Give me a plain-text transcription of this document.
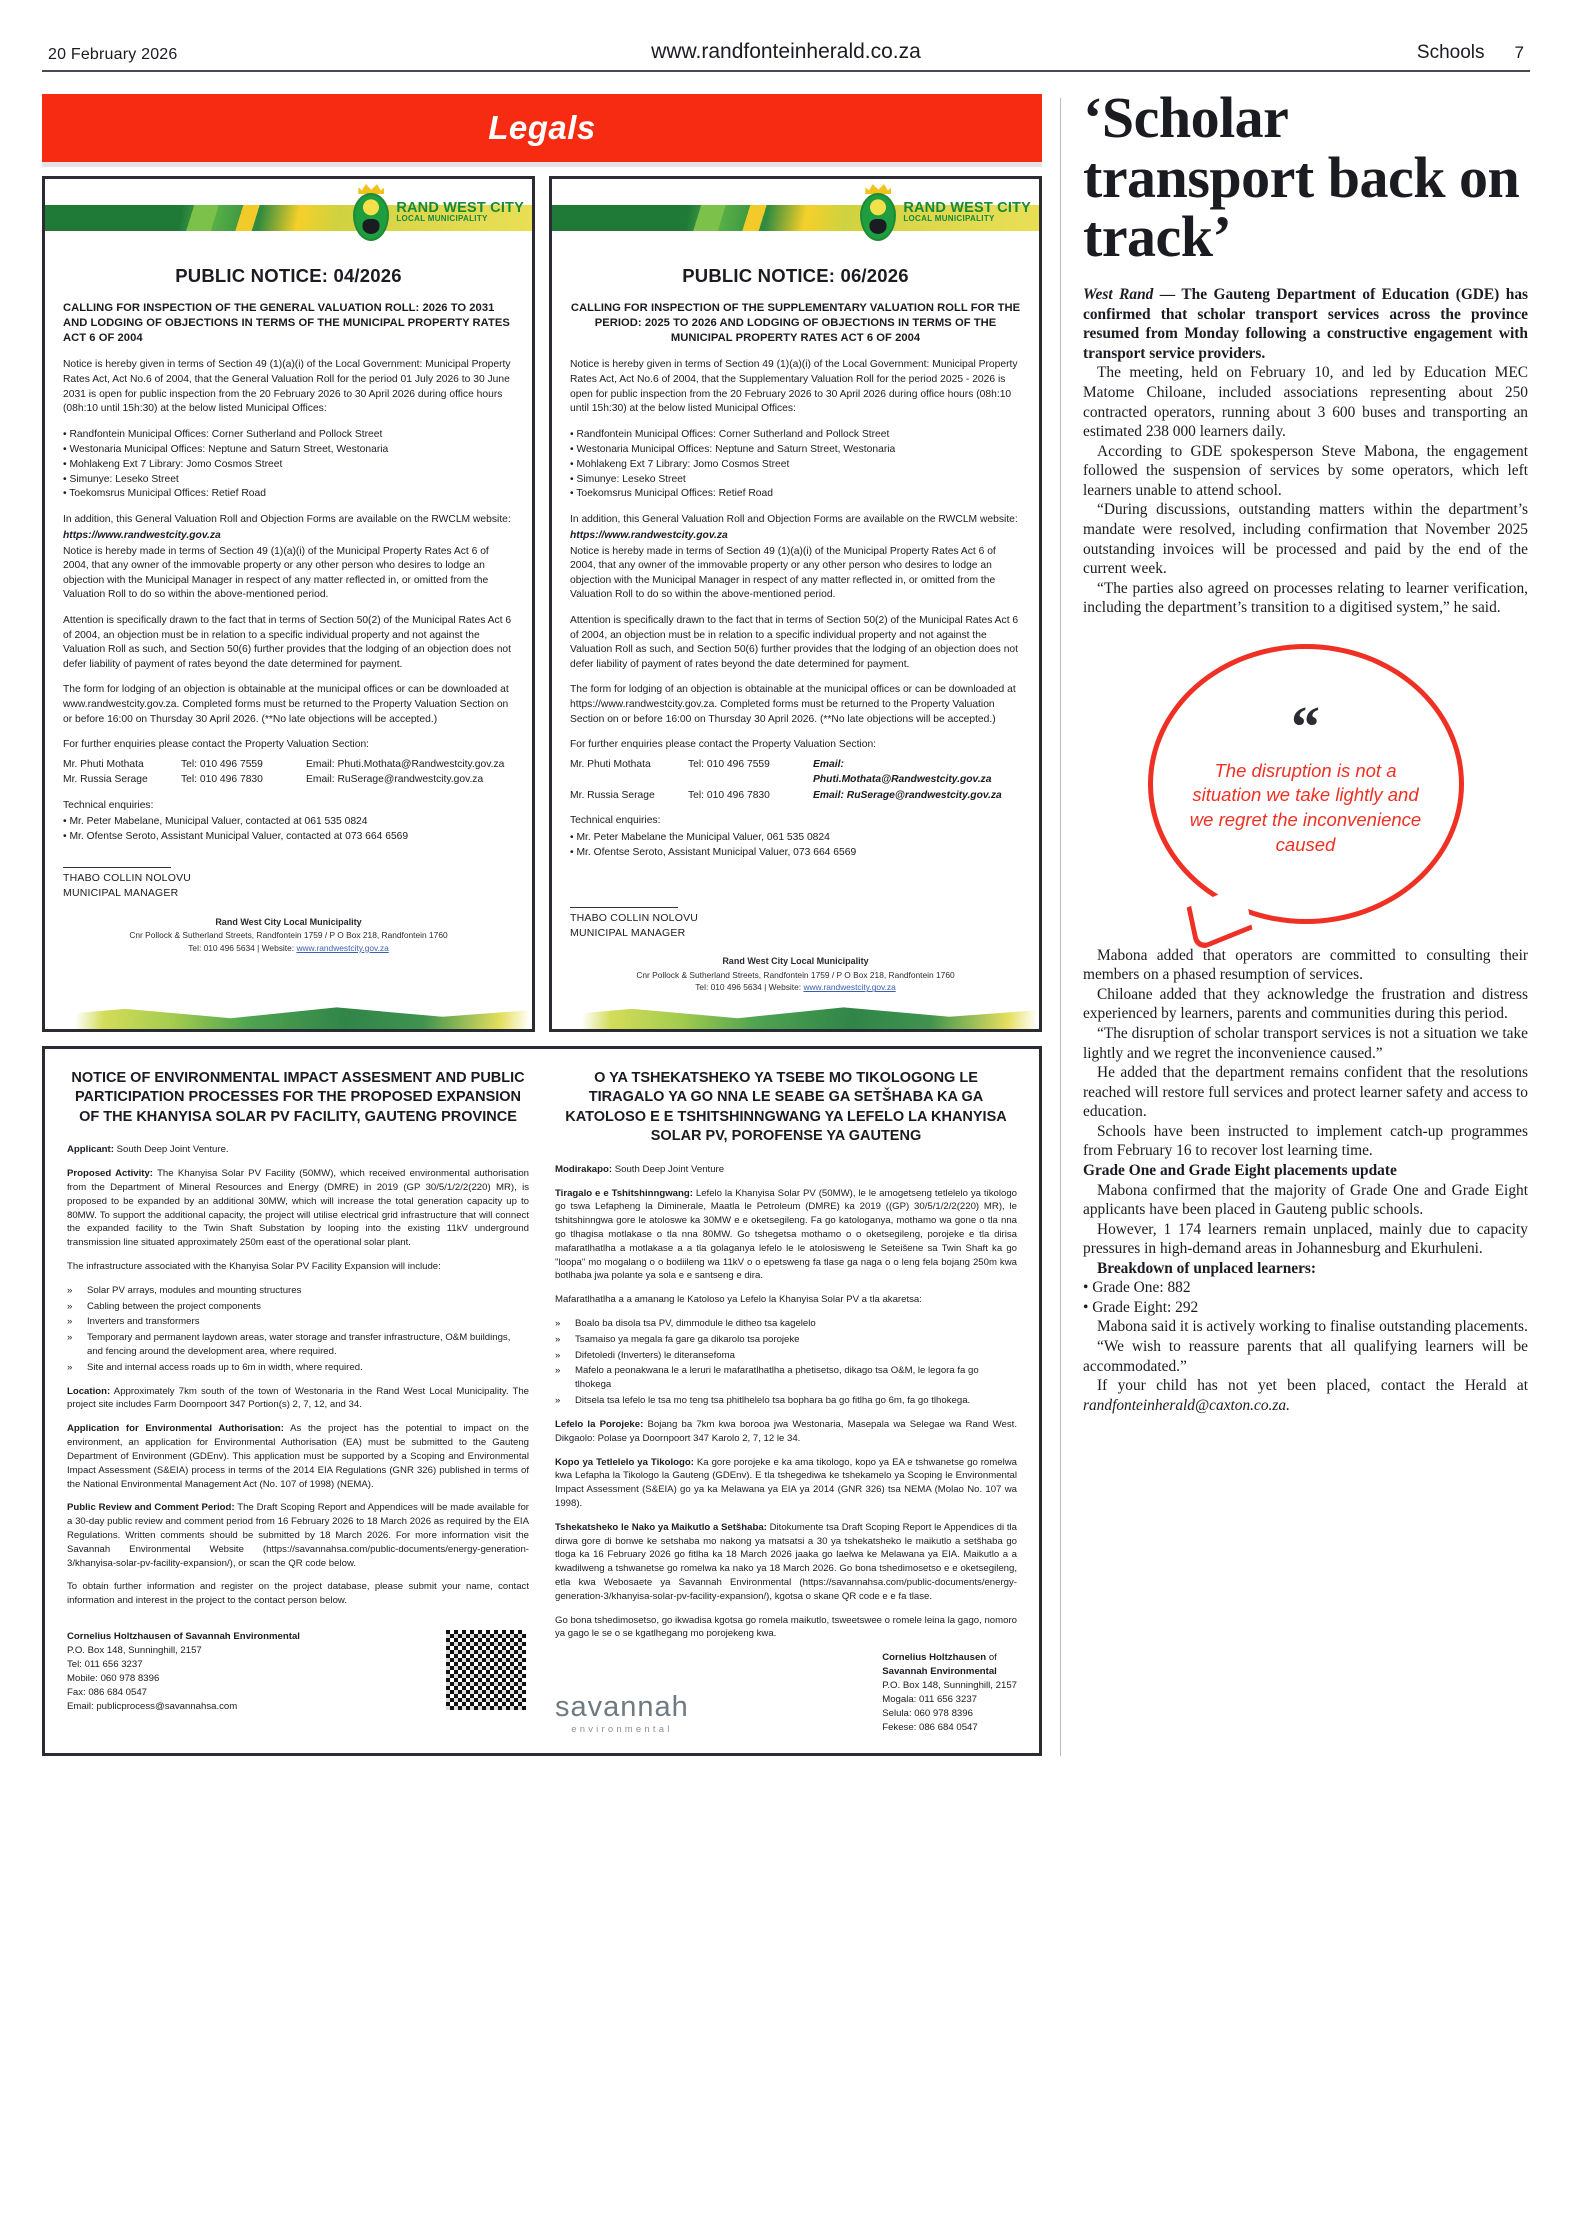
20 February 2026	www.randfonteinherald.co.za	Schools 7
Legals
RAND WEST CITY
LOCAL MUNICIPALITY
PUBLIC NOTICE: 04/2026
CALLING FOR INSPECTION OF THE GENERAL VALUATION ROLL: 2026 TO 2031 AND LODGING OF OBJECTIONS IN TERMS OF THE MUNICIPAL PROPERTY RATES ACT 6 OF 2004
Notice is hereby given in terms of Section 49 (1)(a)(i) of the Local Government: Municipal Property Rates Act, Act No.6 of 2004, that the General Valuation Roll for the period 01 July 2026 to 30 June 2031 is open for public inspection from the 20 February 2026 to 30 April 2026 during office hours (08h:10 until 15h:30) at the below listed Municipal Offices:
• Randfontein Municipal Offices: Corner Sutherland and Pollock Street
• Westonaria Municipal Offices: Neptune and Saturn Street, Westonaria
• Mohlakeng Ext 7 Library: Jomo Cosmos Street
• Simunye: Leseko Street
• Toekomsrus Municipal Offices: Retief Road
In addition, this General Valuation Roll and Objection Forms are available on the RWCLM website:
https://www.randwestcity.gov.za
Notice is hereby made in terms of Section 49 (1)(a)(i) of the Municipal Property Rates Act 6 of 2004, that any owner of the immovable property or any other person who desires to lodge an objection with the Municipal Manager in respect of any matter reflected in, or omitted from the Valuation Roll to do so within the above-mentioned period.
Attention is specifically drawn to the fact that in terms of Section 50(2) of the Municipal Rates Act 6 of 2004, an objection must be in relation to a specific individual property and not against the Valuation Roll as such, and Section 50(6) further provides that the lodging of an objection does not defer liability of payment of rates beyond the date determined for payment.
The form for lodging of an objection is obtainable at the municipal offices or can be downloaded at www.randwestcity.gov.za. Completed forms must be returned to the Property Valuation Section on or before 16:00 on Thursday 30 April 2026. (**No late objections will be accepted.)
For further enquiries please contact the Property Valuation Section:
Mr. Phuti Mothata	Tel: 010 496 7559	Email: Phuti.Mothata@Randwestcity.gov.za
Mr. Russia Serage	Tel: 010 496 7830	Email: RuSerage@randwestcity.gov.za
Technical enquiries:
• Mr. Peter Mabelane, Municipal Valuer, contacted at 061 535 0824
• Mr. Ofentse Seroto, Assistant Municipal Valuer, contacted at 073 664 6569
THABO COLLIN NOLOVU
MUNICIPAL MANAGER
Rand West City Local Municipality
Cnr Pollock & Sutherland Streets, Randfontein 1759 / P O Box 218, Randfontein 1760
Tel: 010 496 5634 | Website: www.randwestcity.gov.za
RAND WEST CITY
LOCAL MUNICIPALITY
PUBLIC NOTICE: 06/2026
CALLING FOR INSPECTION OF THE SUPPLEMENTARY VALUATION ROLL FOR THE PERIOD: 2025 TO 2026 AND LODGING OF OBJECTIONS IN TERMS OF THE MUNICIPAL PROPERTY RATES ACT 6 OF 2004
Notice is hereby given in terms of Section 49 (1)(a)(i) of the Local Government: Municipal Property Rates Act, Act No.6 of 2004, that the Supplementary Valuation Roll for the period 2025 - 2026 is open for public inspection from the 20 February 2026 to 30 April 2026 during office hours (08h:10 until 15h:30) at the below listed Municipal Offices:
• Randfontein Municipal Offices: Corner Sutherland and Pollock Street
• Westonaria Municipal Offices: Neptune and Saturn Street, Westonaria
• Mohlakeng Ext 7 Library: Jomo Cosmos Street
• Simunye: Leseko Street
• Toekomsrus Municipal Offices: Retief Road
In addition, this General Valuation Roll and Objection Forms are available on the RWCLM website:
https://www.randwestcity.gov.za
Notice is hereby made in terms of Section 49 (1)(a)(i) of the Municipal Property Rates Act 6 of 2004, that any owner of the immovable property or any other person who desires to lodge an objection with the Municipal Manager in respect of any matter reflected in, or omitted from the Valuation Roll to do so within the above-mentioned period.
Attention is specifically drawn to the fact that in terms of Section 50(2) of the Municipal Rates Act 6 of 2004, an objection must be in relation to a specific individual property and not against the Valuation Roll as such, and Section 50(6) further provides that the lodging of an objection does not defer liability of payment of rates beyond the date determined for payment.
The form for lodging of an objection is obtainable at the municipal offices or can be downloaded at https://www.randwestcity.gov.za. Completed forms must be returned to the Property Valuation Section on or before 16:00 on Thursday 30 April 2026. (**No late objections will be accepted.)
For further enquiries please contact the Property Valuation Section:
Mr. Phuti Mothata	Tel: 010 496 7559	Email: Phuti.Mothata@Randwestcity.gov.za
Mr. Russia Serage	Tel: 010 496 7830	Email: RuSerage@randwestcity.gov.za
Technical enquiries:
• Mr. Peter Mabelane the Municipal Valuer, 061 535 0824
• Mr. Ofentse Seroto, Assistant Municipal Valuer, 073 664 6569
THABO COLLIN NOLOVU
MUNICIPAL MANAGER
Rand West City Local Municipality
Cnr Pollock & Sutherland Streets, Randfontein 1759 / P O Box 218, Randfontein 1760
Tel: 010 496 5634 | Website: www.randwestcity.gov.za
NOTICE OF ENVIRONMENTAL IMPACT ASSESMENT AND PUBLIC PARTICIPATION PROCESSES FOR THE PROPOSED EXPANSION OF THE KHANYISA SOLAR PV FACILITY, GAUTENG PROVINCE
Applicant: South Deep Joint Venture.
Proposed Activity: The Khanyisa Solar PV Facility (50MW), which received environmental authorisation from the Department of Mineral Resources and Energy (DMRE) in 2019 (GP 30/5/1/2/2(220) MR), is proposed to be expanded by an additional 30MW, which will increase the total generation capacity up to 80MW. To support the additional capacity, the project will utilise electrical grid infrastructure that will connect the expanded facility to the Twin Shaft Substation by looping into the existing 11kV underground transmission line situated approximately 250m east of the operational solar plant.
The infrastructure associated with the Khanyisa Solar PV Facility Expansion will include:
»	Solar PV arrays, modules and mounting structures
»	Cabling between the project components
»	Inverters and transformers
»	Temporary and permanent laydown areas, water storage and transfer infrastructure, O&M buildings, and fencing around the development area, where required.
»	Site and internal access roads up to 6m in width, where required.
Location: Approximately 7km south of the town of Westonaria in the Rand West Local Municipality. The project site includes Farm Doornpoort 347 Portion(s) 2, 7, 12, and 34.
Application for Environmental Authorisation: As the project has the potential to impact on the environment, an application for Environmental Authorisation (EA) must be submitted to the Gauteng Department of Environment (GDEnv). This application must be supported by a Scoping and Environmental Impact Assessment (S&EIA) process in terms of the 2014 EIA Regulations (GNR 326) published in terms of the National Environmental Management Act (No. 107 of 1998) (NEMA).
Public Review and Comment Period: The Draft Scoping Report and Appendices will be made available for a 30-day public review and comment period from 16 February 2026 to 18 March 2026 as required by the EIA Regulations. Written comments should be submitted by 18 March 2026. For more information visit the Savannah Environmental Website (https://savannahsa.com/public-documents/energy-generation-3/khanyisa-solar-pv-facility-expansion/), or scan the QR code below.
To obtain further information and register on the project database, please submit your name, contact information and interest in the project to the contact person below.
Cornelius Holtzhausen of Savannah Environmental
P.O. Box 148, Sunninghill, 2157
Tel: 011 656 3237
Mobile: 060 978 8396
Fax: 086 684 0547
Email: publicprocess@savannahsa.com
O YA TSHEKATSHEKO YA TSEBE MO TIKOLOGONG LE TIRAGALO YA GO NNA LE SEABE GA SETŠHABA KA GA KATOLOSO E E TSHITSHINNGWANG YA LEFELO LA KHANYISA SOLAR PV, POROFENSE YA GAUTENG
Modirakapo: South Deep Joint Venture
Tiragalo e e Tshitshinngwang: Lefelo la Khanyisa Solar PV (50MW), le le amogetseng tetlelelo ya tikologo go tswa Lefapheng la Diminerale, Maatla le Petroleum (DMRE) ka 2019 ((GP) 30/5/1/2/2(220) MR), le tshitshinngwa gore le atoloswe ka 30MW e e oketsegileng. Fa go katologanya, mothamo wa gone o tla nna go tlhagisa motlakase o tla nna 80MW. Go tshegetsa mothamo o o oketsegileng, porojeke e tla dirisa mafaratlhatlha a motlakase a a tla golaganya lefelo le le atolosisweng le Seteišene sa Twin Shaft ka go "loopa" mo mogalang o o bodiileng wa 11kV o o epetsweng fa tlase ga naga o o leng fela bojang 250m kwa botlhaba jwa polante ya sola e e santseng e dira.
Mafaratlhatlha a a amanang le Katoloso ya Lefelo la Khanyisa Solar PV a tla akaretsa:
»	Boalo ba disola tsa PV, dimmodule le ditheo tsa kagelelo
»	Tsamaiso ya megala fa gare ga dikarolo tsa porojeke
»	Difetoledi (Inverters) le diteransefoma
»	Mafelo a peonakwana le a leruri le mafaratlhatlha a phetisetso, dikago tsa O&M, le legora fa go tlhokega
»	Ditsela tsa lefelo le tsa mo teng tsa phitlhelelo tsa bophara ba go fitlha go 6m, fa go tlhokega.
Lefelo la Porojeke: Bojang ba 7km kwa borooa jwa Westonaria, Masepala wa Selegae wa Rand West. Dikgaolo: Polase ya Doornpoort 347 Karolo 2, 7, 12 le 34.
Kopo ya Tetlelelo ya Tikologo: Ka gore porojeke e ka ama tikologo, kopo ya EA e tshwanetse go romelwa kwa Lefapha la Tikologo la Gauteng (GDEnv). E tla tshegediwa ke tshekamelo ya Scoping le Environmental Impact Assessment (S&EIA) go ya ka Melawana ya EIA ya 2014 (GNR 326) tsa NEMA (Molao No. 107 wa 1998).
Tshekatsheko le Nako ya Maikutlo a Setšhaba: Ditokumente tsa Draft Scoping Report le Appendices di tla dirwa gore di bonwe ke setshaba mo nakong ya matsatsi a 30 ya tshekatsheko le maikutlo a setšhaba go tloga ka 16 February 2026 go fitlha ka 18 March 2026 jaaka go laelwa ke Melawana ya EIA. Maikutlo a a kwadilweng a tshwanetse go romelwa ka nako ya 18 March 2026. Go bona tshedimosetso e e oketsegileng, etla kwa Webosaete ya Savannah Environmental (https://savannahsa.com/public-documents/energy-generation-3/khanyisa-solar-pv-facility-expansion/), kgotsa o skane QR code e e fa tlase.
Go bona tshedimosetso, go ikwadisa kgotsa go romela maikutlo, tsweetswee o romele leina la gago, nomoro ya gago le se o se kgatlhegang mo porojekeng kwa.
savannah
environmental
Cornelius Holtzhausen of
Savannah Environmental
P.O. Box 148, Sunninghill, 2157
Mogala: 011 656 3237
Selula: 060 978 8396
Fekese: 086 684 0547
‘Scholar transport back on track’

West Rand — The Gauteng Department of Education (GDE) has confirmed that scholar transport services across the province resumed from Monday following a constructive engagement with transport service providers.

The meeting, held on February 10, and led by Education MEC Matome Chiloane, included associations representing about 250 contracted operators, running about 3 600 buses and transporting an estimated 238 000 learners daily.

According to GDE spokesperson Steve Mabona, the engagement followed the suspension of services by some operators, which left learners unable to attend school.

“During discussions, outstanding matters within the department’s mandate were resolved, including confirmation that November 2025 outstanding invoices will be processed and paid by the end of the current week.

“The parties also agreed on processes relating to learner verification, including the department’s transition to a digitised system,” he said.

“
The disruption is not a situation we take lightly and we regret the inconvenience caused

Mabona added that operators are committed to consulting their members on a phased resumption of services.

Chiloane added that they acknowledge the frustration and distress experienced by learners, parents and communities during this period.

“The disruption of scholar transport services is not a situation we take lightly and we regret the inconvenience caused.”

He added that the department remains confident that the resolutions reached will restore full services and protect learner safety and access to education.

Schools have been instructed to implement catch-up programmes from February 16 to recover lost learning time.

Grade One and Grade Eight placements update

Mabona confirmed that the majority of Grade One and Grade Eight applicants have been placed in Gauteng public schools.

However, 1 174 learners remain unplaced, mainly due to capacity pressures in high-demand areas in Johannesburg and Ekurhuleni.

Breakdown of unplaced learners:

• Grade One: 882

• Grade Eight: 292

Mabona said it is actively working to finalise outstanding placements.

“We wish to reassure parents that all qualifying learners will be accommodated.”

If your child has not yet been placed, contact the Herald at randfonteinherald@caxton.co.za.
